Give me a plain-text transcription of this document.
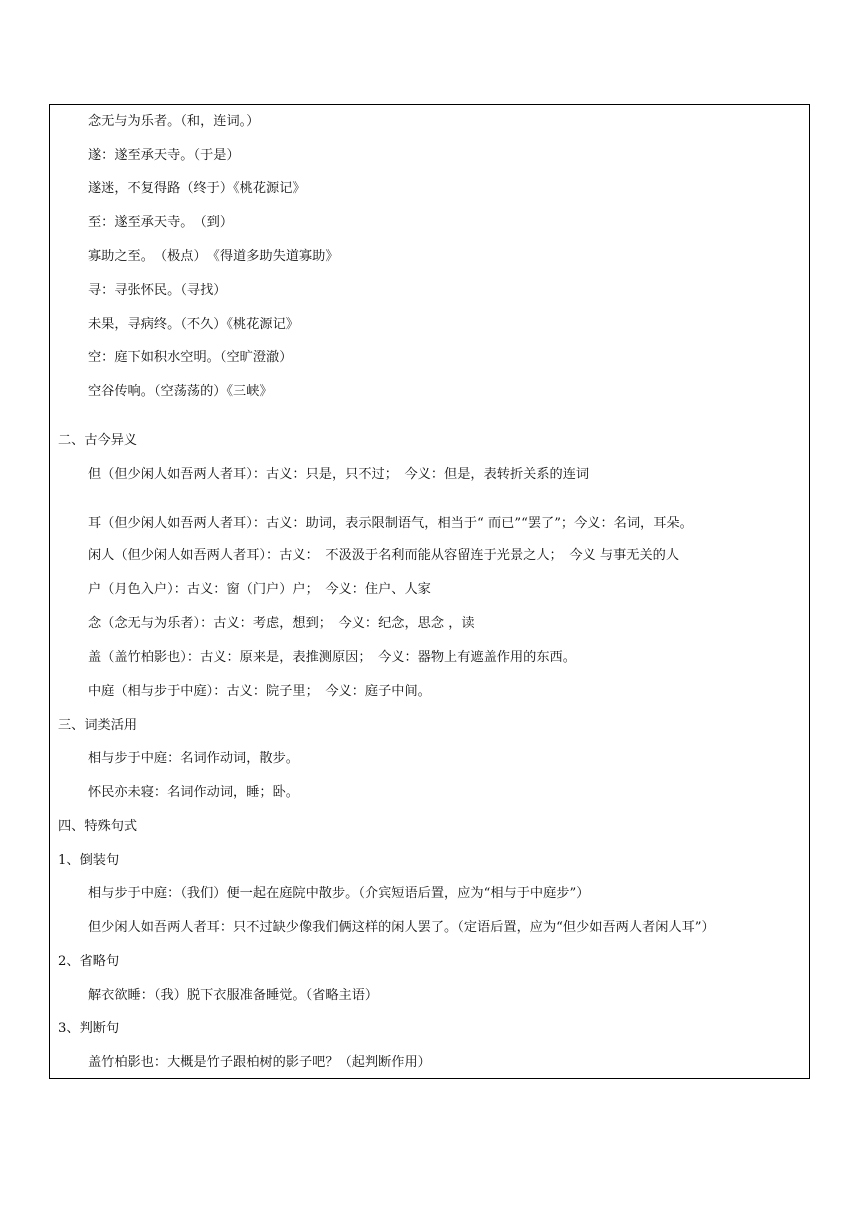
念无与为乐者。（和，连词。）
遂：遂至承天寺。（于是）
遂迷，不复得路（终于）《桃花源记》
至：遂至承天寺。　（到）
寡助之至。　（极点）　《得道多助失道寡助》
寻：寻张怀民。（寻找）
未果，寻病终。（不久）《桃花源记》
空：庭下如积水空明。（空旷澄澈）
空谷传响。（空荡荡的）《三峡》
二、古今异义
但（但少闲人如吾两人者耳）：古义：只是，只不过；　今义：但是，表转折关系的连词
耳（但少闲人如吾两人者耳）：古义：助词，表示限制语气，相当于“ 而已”“罢了”；今义：名词，耳朵。
闲人（但少闲人如吾两人者耳）：古义：　不汲汲于名利而能从容留连于光景之人；　今义 与事无关的人
户（月色入户）：古义：窗（门户）户；　今义：住户、人家
念（念无与为乐者）：古义：考虑，想到；　今义：纪念，思念 ，读
盖（盖竹柏影也）：古义：原来是，表推测原因；　今义：器物上有遮盖作用的东西。
中庭（相与步于中庭）：古义：院子里；　今义：庭子中间。
三、词类活用
相与步于中庭：名词作动词，散步。
怀民亦未寝：名词作动词，睡；卧。
四、特殊句式
1、倒装句
相与步于中庭：（我们）便一起在庭院中散步。（介宾短语后置，应为“相与于中庭步”）
但少闲人如吾两人者耳：只不过缺少像我们俩这样的闲人罢了。（定语后置，应为“但少如吾两人者闲人耳”）
2、省略句
解衣欲睡：（我）脱下衣服准备睡觉。（省略主语）
3、判断句
盖竹柏影也：大概是竹子跟柏树的影子吧？（起判断作用）
